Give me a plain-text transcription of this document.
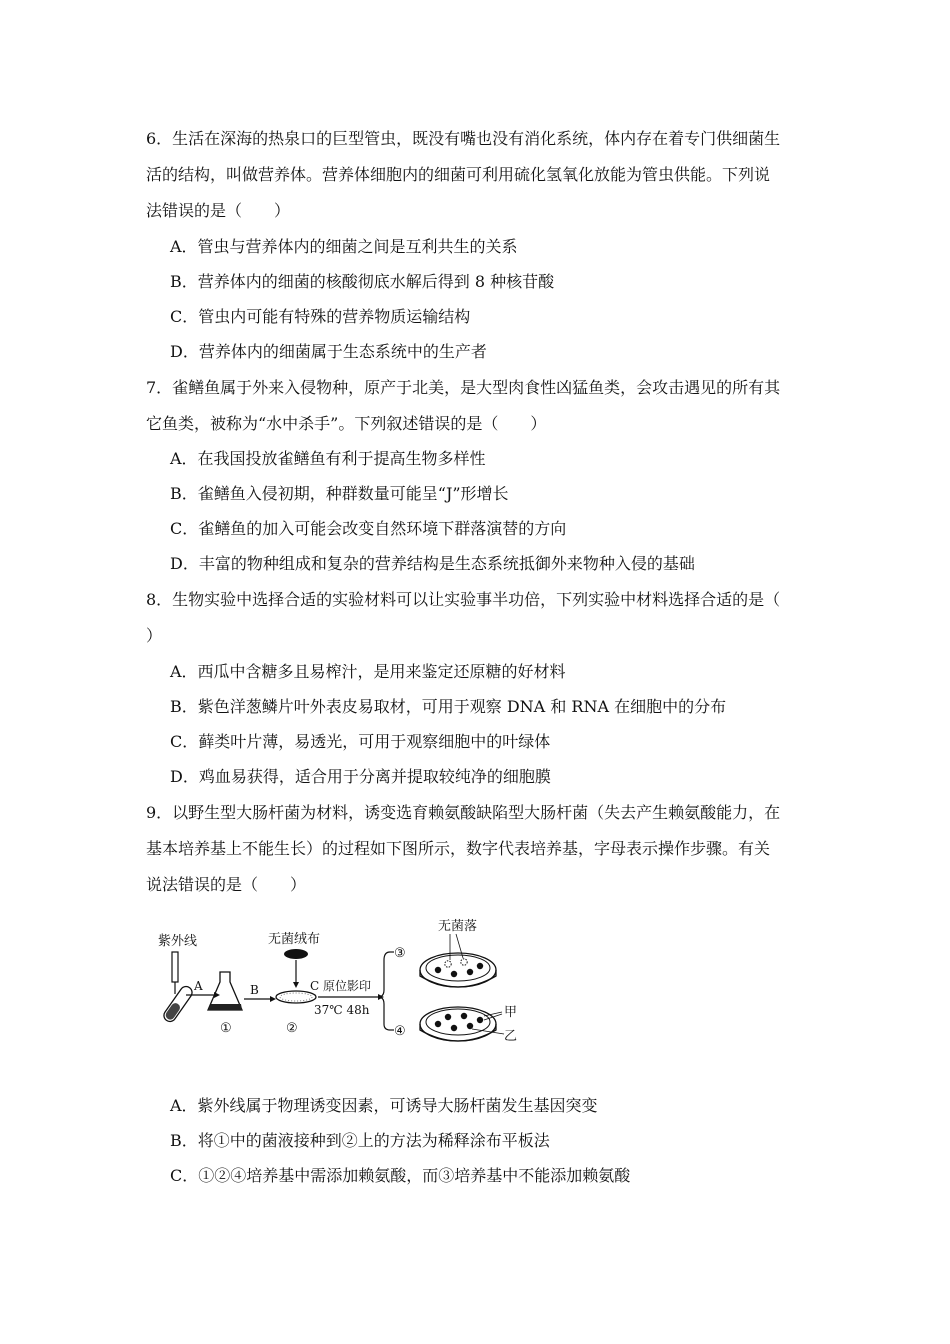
6．生活在深海的热泉口的巨型管虫，既没有嘴也没有消化系统，体内存在着专门供细菌生
活的结构，叫做营养体。营养体细胞内的细菌可利用硫化氢氧化放能为管虫供能。下列说
法错误的是（　　）
A．管虫与营养体内的细菌之间是互利共生的关系
B．营养体内的细菌的核酸彻底水解后得到 8 种核苷酸
C．管虫内可能有特殊的营养物质运输结构
D．营养体内的细菌属于生态系统中的生产者
7．雀鳝鱼属于外来入侵物种，原产于北美，是大型肉食性凶猛鱼类，会攻击遇见的所有其
它鱼类，被称为“水中杀手”。下列叙述错误的是（　　）
A．在我国投放雀鳝鱼有利于提高生物多样性
B．雀鳝鱼入侵初期，种群数量可能呈“J”形增长
C．雀鳝鱼的加入可能会改变自然环境下群落演替的方向
D．丰富的物种组成和复杂的营养结构是生态系统抵御外来物种入侵的基础
8．生物实验中选择合适的实验材料可以让实验事半功倍，下列实验中材料选择合适的是（
）
A．西瓜中含糖多且易榨汁，是用来鉴定还原糖的好材料
B．紫色洋葱鳞片叶外表皮易取材，可用于观察 DNA 和 RNA 在细胞中的分布
C．藓类叶片薄，易透光，可用于观察细胞中的叶绿体
D．鸡血易获得，适合用于分离并提取较纯净的细胞膜
9．以野生型大肠杆菌为材料，诱变选育赖氨酸缺陷型大肠杆菌（失去产生赖氨酸能力，在
基本培养基上不能生长）的过程如下图所示，数字代表培养基，字母表示操作步骤。有关
说法错误的是（　　）
紫外线
A
①
B
无菌绒布
②
C 原位影印
37℃ 48h
③
④
无菌落
甲
乙
A．紫外线属于物理诱变因素，可诱导大肠杆菌发生基因突变
B．将①中的菌液接种到②上的方法为稀释涂布平板法
C．①②④培养基中需添加赖氨酸，而③培养基中不能添加赖氨酸
